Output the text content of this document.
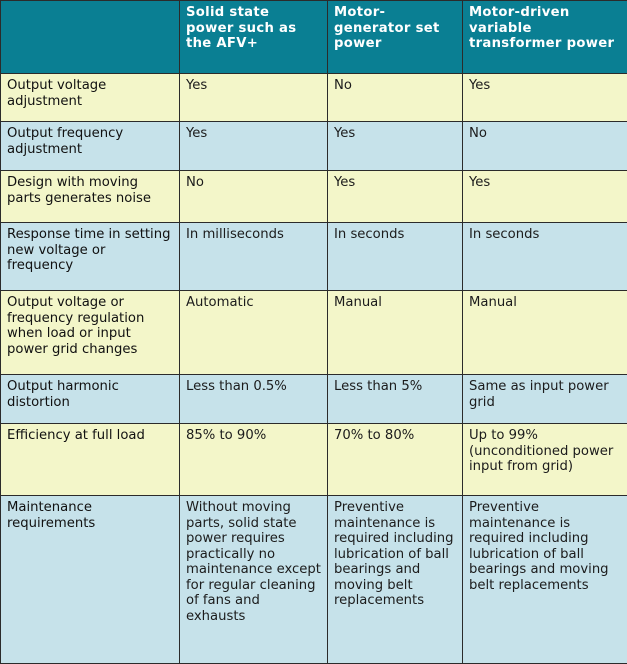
	Solid state power such as the AFV+	Motor-generator set power	Motor-driven variable transformer power
Output voltage adjustment	Yes	No	Yes
Output frequency adjustment	Yes	Yes	No
Design with moving parts generates noise	No	Yes	Yes
Response time in setting new voltage or frequency	In milliseconds	In seconds	In seconds
Output voltage or frequency regulation when load or input power grid changes	Automatic	Manual	Manual
Output harmonic distortion	Less than 0.5%	Less than 5%	Same as input power grid
Efficiency at full load	85% to 90%	70% to 80%	Up to 99% (unconditioned power input from grid)
Maintenance requirements	Without moving parts, solid state power requires practically no maintenance except for regular cleaning of fans and exhausts	Preventive maintenance is required including lubrication of ball bearings and moving belt replacements	Preventive maintenance is required including lubrication of ball bearings and moving belt replacements
